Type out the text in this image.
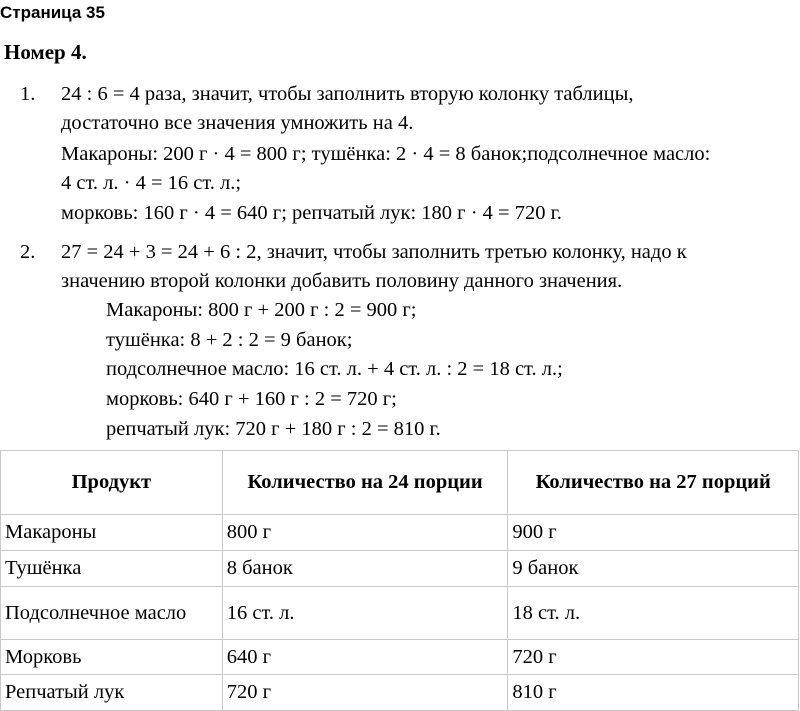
Страница 35
Номер 4.
1. 24 : 6 = 4 раза, значит, чтобы заполнить вторую колонку таблицы,
достаточно все значения умножить на 4.
Макароны: 200 г · 4 = 800 г; тушёнка: 2 · 4 = 8 банок;подсолнечное масло:
4 ст. л. · 4 = 16 ст. л.;
морковь: 160 г · 4 = 640 г; репчатый лук: 180 г · 4 = 720 г.
2. 27 = 24 + 3 = 24 + 6 : 2, значит, чтобы заполнить третью колонку, надо к
значению второй колонки добавить половину данного значения.
Макароны: 800 г + 200 г : 2 = 900 г;
тушёнка: 8 + 2 : 2 = 9 банок;
подсолнечное масло: 16 ст. л. + 4 ст. л. : 2 = 18 ст. л.;
морковь: 640 г + 160 г : 2 = 720 г;
репчатый лук: 720 г + 180 г : 2 = 810 г.
Продукт	Количество на 24 порции	Количество на 27 порций
Макароны	800 г	900 г
Тушёнка	8 банок	9 банок
Подсолнечное масло	16 ст. л.	18 ст. л.
Морковь	640 г	720 г
Репчатый лук	720 г	810 г
